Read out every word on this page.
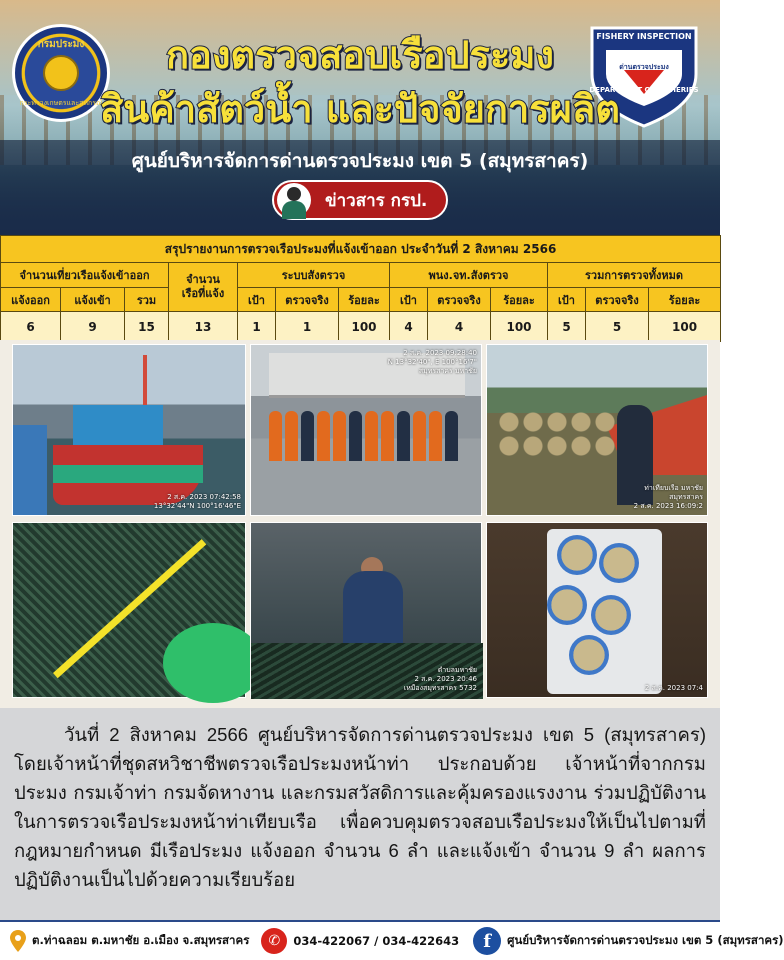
กรมประมง
กระทรวงเกษตรและสหกรณ์
FISHERY INSPECTION
ด่านตรวจประมง
DEPARTMENT OF FISHERIES
กองตรวจสอบเรือประมง
สินค้าสัตว์น้ำ และปัจจัยการผลิต
ศูนย์บริหารจัดการด่านตรวจประมง เขต 5 (สมุทรสาคร)
ข่าวสาร กรป.
สรุปรายงานการตรวจเรือประมงที่แจ้งเข้าออก ประจำวันที่ 2 สิงหาคม 2566												
จำนวนเที่ยวเรือแจ้งเข้าออก			จำนวน
เรือที่แจ้ง	ระบบสังตรวจ			พนง.จท.สังตรวจ			รวมการตรวจทั้งหมด		
แจ้งออก	แจ้งเข้า	รวม		เป้า	ตรวจจริง	ร้อยละ	เป้า	ตรวจจริง	ร้อยละ	เป้า	ตรวจจริง	ร้อยละ
6	9	15	13	1	1	100	4	4	100	5	5	100
2 ส.ค. 2023 07:42:58
13°32'44"N 100°16'46"E
2 ส.ค. 2023 09:28:40
N 13°32'40", E 100°16'7"
สมุทรสาคร มหาชัย
ท่าเทียบเรือ มหาชัย
สมุทรสาคร
2 ส.ค. 2023 16:09:2
ตำบลมหาชัย
2 ส.ค. 2023 20:46
เหมืองสมุทรสาคร 5732	2 ส.ค. 2023 07:4

วันที่ 2 สิงหาคม 2566 ศูนย์บริหารจัดการด่านตรวจประมง เขต 5 (สมุทรสาคร) โดยเจ้าหน้าที่ชุดสหวิชาชีพตรวจเรือประมงหน้าท่า ประกอบด้วย เจ้าหน้าที่จากกรมประมง กรมเจ้าท่า กรมจัดหางาน และกรมสวัสดิการและคุ้มครองแรงงาน ร่วมปฏิบัติงานในการตรวจเรือประมงหน้าท่าเทียบเรือ เพื่อควบคุมตรวจสอบเรือประมงให้เป็นไปตามที่กฎหมายกำหนด มีเรือประมง แจ้งออก จำนวน 6 ลำ และแจ้งเข้า จำนวน 9 ลำ ผลการปฏิบัติงานเป็นไปด้วยความเรียบร้อย

ต.ท่าฉลอม ต.มหาชัย อ.เมือง จ.สมุทรสาคร	✆	034-422067 / 034-422643	f	ศูนย์บริหารจัดการด่านตรวจประมง เขต 5 (สมุทรสาคร)
